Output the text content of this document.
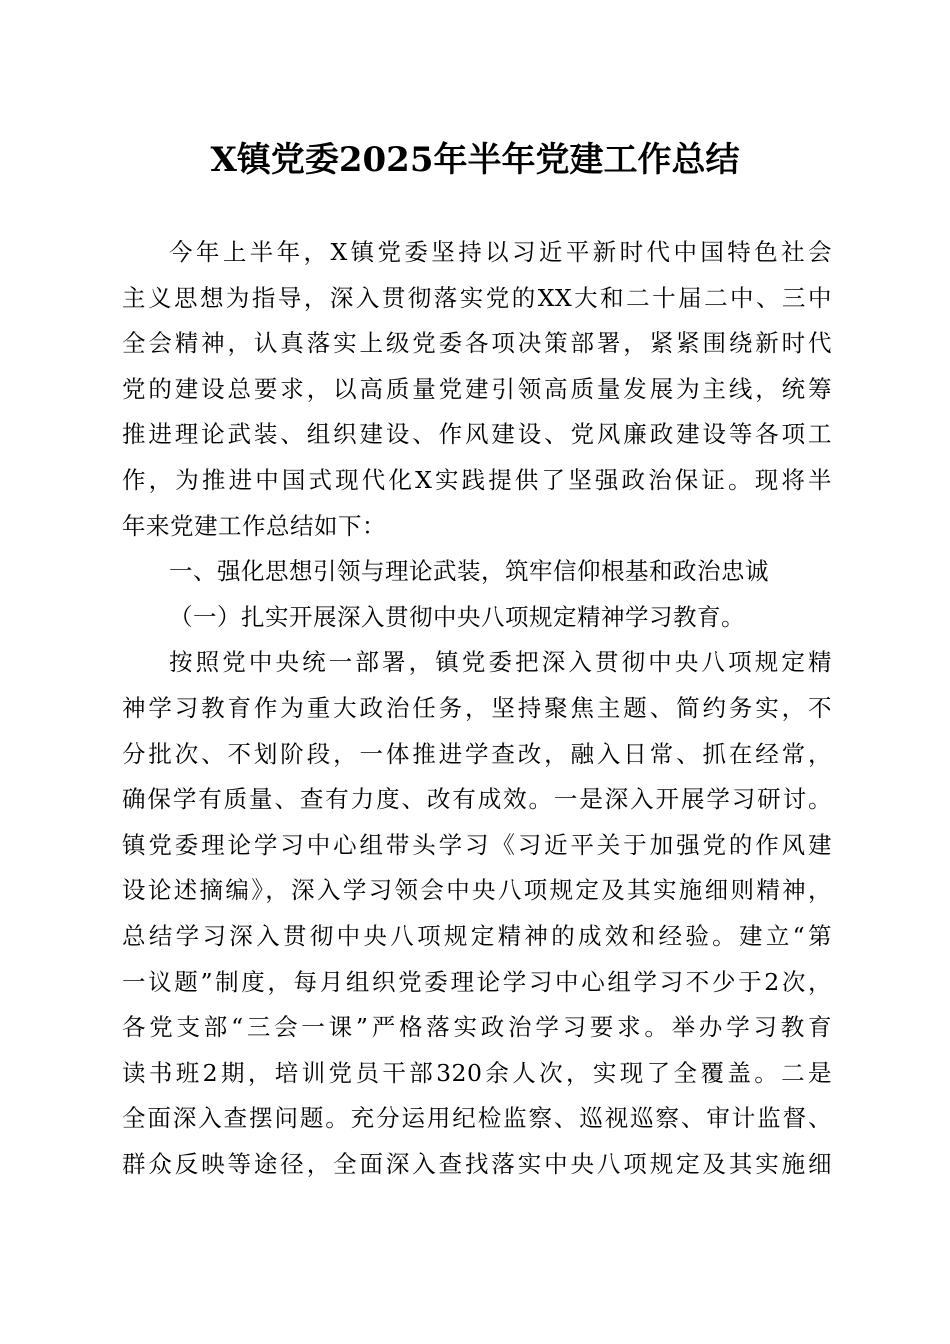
X镇党委2025年半年党建工作总结
今年上半年，X镇党委坚持以习近平新时代中国特色社会
主义思想为指导，深入贯彻落实党的XX大和二十届二中、三中
全会精神，认真落实上级党委各项决策部署，紧紧围绕新时代
党的建设总要求，以高质量党建引领高质量发展为主线，统筹
推进理论武装、组织建设、作风建设、党风廉政建设等各项工
作，为推进中国式现代化X实践提供了坚强政治保证。现将半
年来党建工作总结如下：
一、强化思想引领与理论武装，筑牢信仰根基和政治忠诚
（一）扎实开展深入贯彻中央八项规定精神学习教育。
按照党中央统一部署，镇党委把深入贯彻中央八项规定精
神学习教育作为重大政治任务，坚持聚焦主题、简约务实，不
分批次、不划阶段，一体推进学查改，融入日常、抓在经常，
确保学有质量、查有力度、改有成效。一是深入开展学习研讨。
镇党委理论学习中心组带头学习《习近平关于加强党的作风建
设论述摘编》，深入学习领会中央八项规定及其实施细则精神，
总结学习深入贯彻中央八项规定精神的成效和经验。建立“第
一议题”制度，每月组织党委理论学习中心组学习不少于2次，
各党支部“三会一课”严格落实政治学习要求。举办学习教育
读书班2期，培训党员干部320余人次，实现了全覆盖。二是
全面深入查摆问题。充分运用纪检监察、巡视巡察、审计监督、
群众反映等途径，全面深入查找落实中央八项规定及其实施细
